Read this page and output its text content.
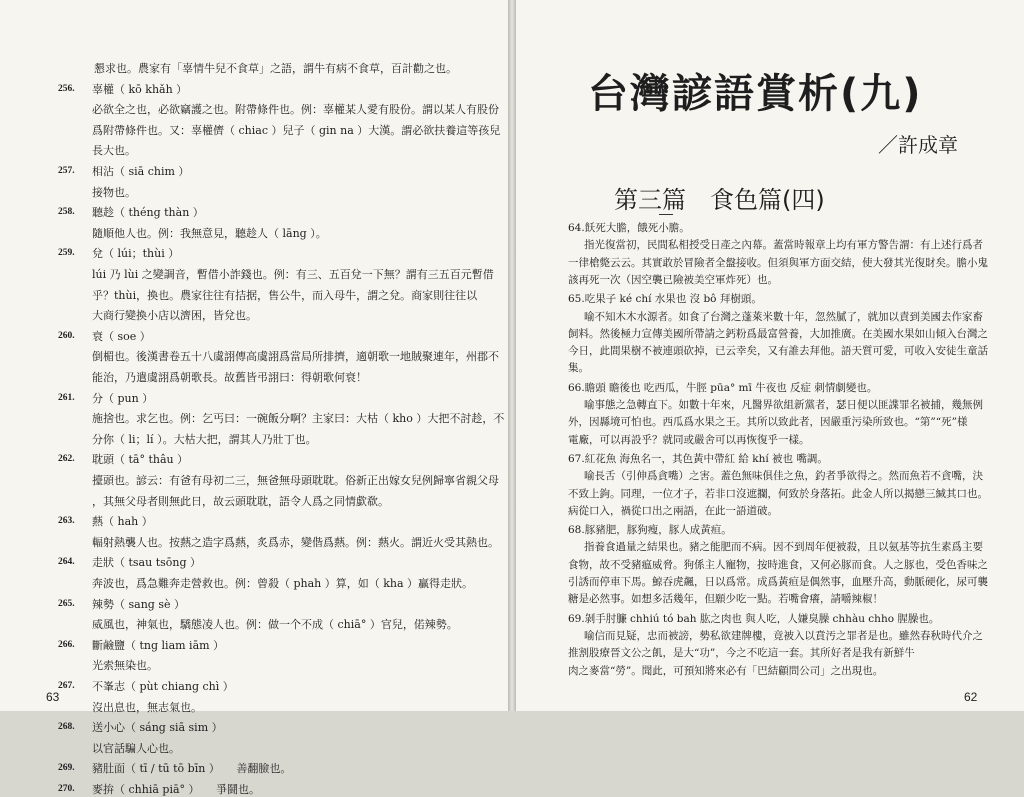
懇求也。農家有「辜情牛兒不食草」之語，謂牛有病不食草，百計勸之也。
256. 辜權（ kō khǎh ）
必欲全之也，必欲竊護之也。附帶條件也。例：辜權某人愛有股份。謂以某人有股份
爲附帶條件也。又：辜權儕（ chiac ）兒子（ gin na ）大漢。謂必欲扶養這等孩兒
長大也。
257. 相沾（ siā chim ）
接物也。
258. 聽趁（ théng thàn ）
隨順他人也。例：我無意見，聽趁人（ lāng ）。
259. 兌（ lúi；thùi ）
lúi 乃 lùi 之變調音，暫借小詐錢也。例：有三、五百兌一下無？謂有三五百元暫借
乎？thùi，換也。農家往往有拮据，售公牛，而入母牛，謂之兌。商家則往往以
大商行變換小店以濟困，皆兌也。
260. 衰（ soe ）
倒楣也。後漢書卷五十八虞詡傳高虞詡爲當局所排擠，適朝歌一地賊聚連年，州郡不
能治，乃遣虞詡爲朝歌長。故舊皆弔詡曰：得朝歌何衰！
261. 分（ pun ）
施捨也。求乞也。例：乞丐曰：一碗飯分啊？主家曰：大枯（ kho ）大把不討趁，不
分你（ li；lí ）。大枯大把，謂其人乃壯丁也。
262. 耽頭（ tā° thâu ）
擡頭也。諺云：有爸有母初二三，無爸無母頭耽耽。俗新正出嫁女兒例歸寧省親父母
，其無父母者則無此日，故云頭耽耽，語令人爲之同情歔欷。
263. 爇（ hah ）
輻射熱襲人也。按爇之造字爲爇，炙爲赤，變偕爲爇。例：爇火。謂近火受其熱也。
264. 走狀（ tsau tsōng ）
奔波也，爲急難奔走營救也。例：曾殺（ phah ）算，如（ kha ）贏得走狀。
265. 辣勢（ sang sè ）
威風也，神氣也，驕態凌人也。例：做一个不成（ chiā° ）官兒，偌辣勢。
266. 斷鹼鹽（ tng liam iām ）
光索無染也。
267. 不峯志（ pùt chiang chì ）
沒出息也，無志氣也。
268. 送小心（ sáng siā sim ）
以官話騙人心也。
269. 豬肚面（ tī / tū tō bīn ）　　善翻臉也。
270. 麥拚（ chhiā piā° ）　　爭鬪也。
63
台灣諺語賞析(九)
／許成章
第三篇　食色篇(四)
64.飫死大膽，餓死小膽。
指光復當初，民間私相授受日產之內幕。蓋當時報章上均有軍方警告謂：有上述行爲者
一律槍斃云云。其實敢於冒險者全盤接收。但須與軍方面交結，使大發其光復財矣。膽小鬼
該再死一次（因空襲已險被美空軍炸死）也。
65.吃果子 ké chí 水果也 沒 bô 拜樹頭。
喻不知木木水源者。如食了台灣之蓬萊米數十年，忽然膩了，就加以責到美國去作家畜
飼料。然後極力宣傳美國所帶請之鈣粉爲最富營養，大加推廣。在美國水果如山傾入台灣之
今日，此間果樹不被連頭砍掉，已云幸矣，又有誰去拜他。語天質可愛，可收入安徒生童話
集。
66.瞻頭 瞻後也 吃西瓜，牛脛 pūa° mī 牛夜也 反症 刺情劇變也。
喻事態之急轉直下。如數十年來，凡醫界欲組新黨者，瑟日便以匪諜罪名被捕，幾無例
外，因縣境可怕也。西瓜爲水果之王。其所以致此者，因嚴重污染所致也。“第”“死”様
電廠，可以再設乎？就同或嚴舍可以再恢復乎一樣。
67.紅花魚 海魚名一，其色黃中帶紅 給 khí 被也 嘴調。
喻長舌（引伸爲貪嘴）之害。蓋色無味俱佳之魚，釣者爭欲得之。然而魚若不貪嘴，決
不致上鉤。同理，一位才子，若非口沒遮攔，何致於身落拓。此金人所以揭戀三緘其口也。
病從口入，禍從口出之兩語，在此一語道破。
68.豚豬肥，豚狗瘦，豚人成黃疸。
指養食過量之結果也。豬之能肥而不病。因不到周年便被殺，且以氨基等抗生素爲主要
食物，故不受豬瘟威脅。狗係主人寵物，按時進食，又何必豚而食。人之豚也，受色香味之
引誘而停車下馬。鯨吞虎飆，日以爲常。成爲黃疸是偶然事，血壓升高，動脈硬化，尿可襲
糖是必然事。如想多活幾年，但願少吃一點。若嘴會癢，請嚼辣椒！
69.剝手肘臁 chhiú tó bah 肱之肉也 與人吃，人嫌臭臊 chhàu chho 腥臊也。
喻信而見疑，忠而被謗，勢私欲建牌樓，竟被入以賁汚之罪者是也。雖然春秋時代介之
推割股療晉文公之飢，是大“功”，今之不吃這一套。其所好者是我有新鮮牛
肉之麥當“勞”。聞此，可預知將來必有「巴結顧問公司」之出現也。
62
